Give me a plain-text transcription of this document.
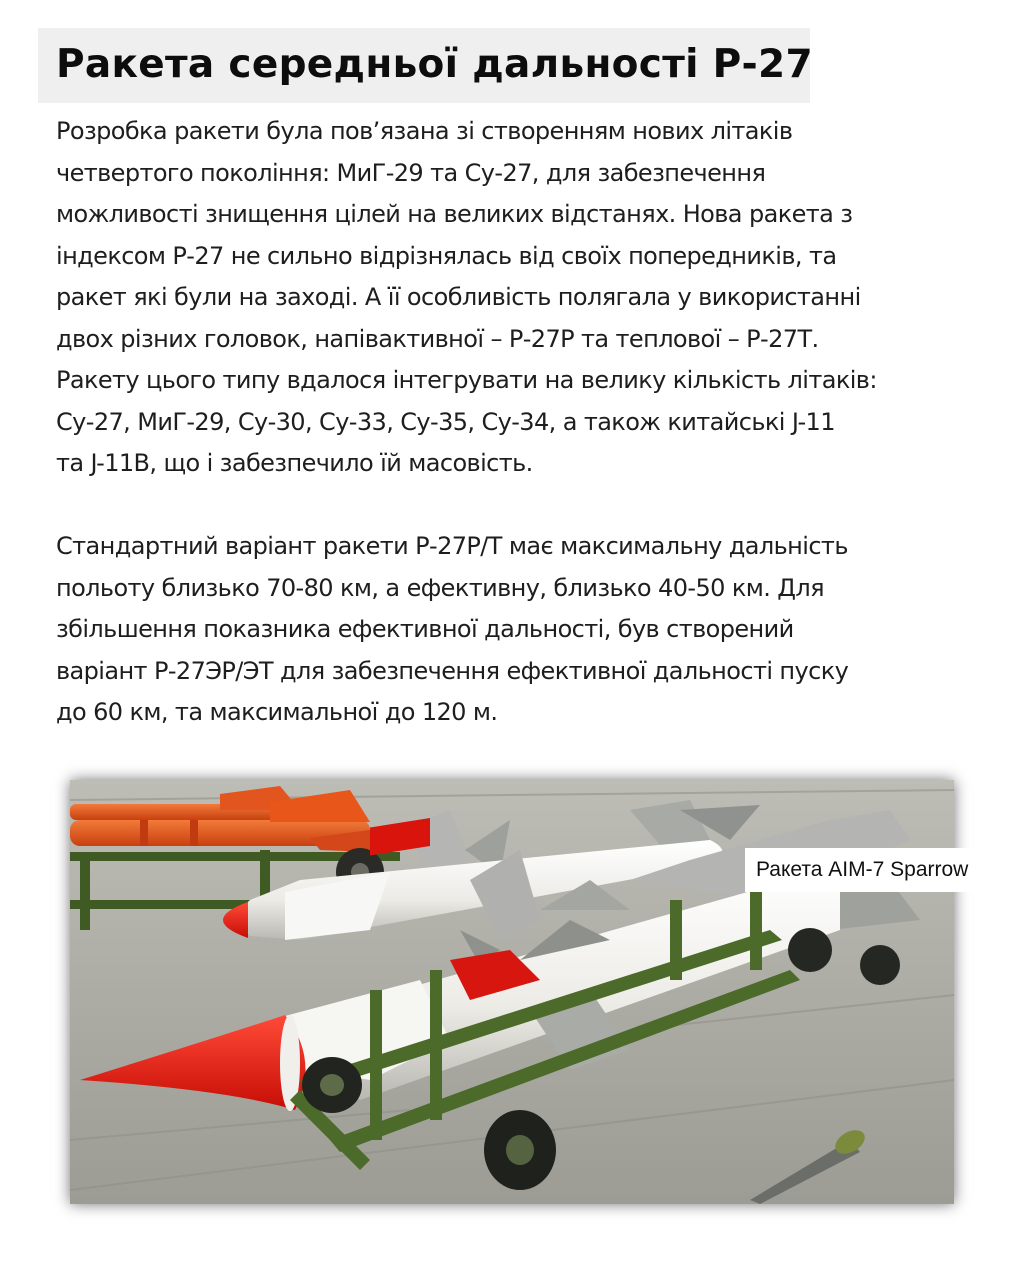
Ракета середньої дальності Р-27
Розробка ракети була пов’язана зі створенням нових літаків
четвертого покоління: МиГ-29 та Су-27, для забезпечення
можливості знищення цілей на великих відстанях. Нова ракета з
індексом Р-27 не сильно відрізнялась від своїх попередників, та
ракет які були на заході. А її особливість полягала у використанні
двох різних головок, напівактивної – Р-27Р та теплової – Р-27Т.
Ракету цього типу вдалося інтегрувати на велику кількість літаків:
Су-27, МиГ-29, Су-30, Су-33, Су-35, Су-34, а також китайські J-11
та J-11B, що і забезпечило їй масовість.
Стандартний варіант ракети Р-27Р/Т має максимальну дальність
польоту близько 70-80 км, а ефективну, близько 40-50 км. Для
збільшення показника ефективної дальності, був створений
варіант Р-27ЭР/ЭТ для забезпечення ефективної дальності пуску
до 60 км, та максимальної до 120 м.
Ракета AIM-7 Sparrow
